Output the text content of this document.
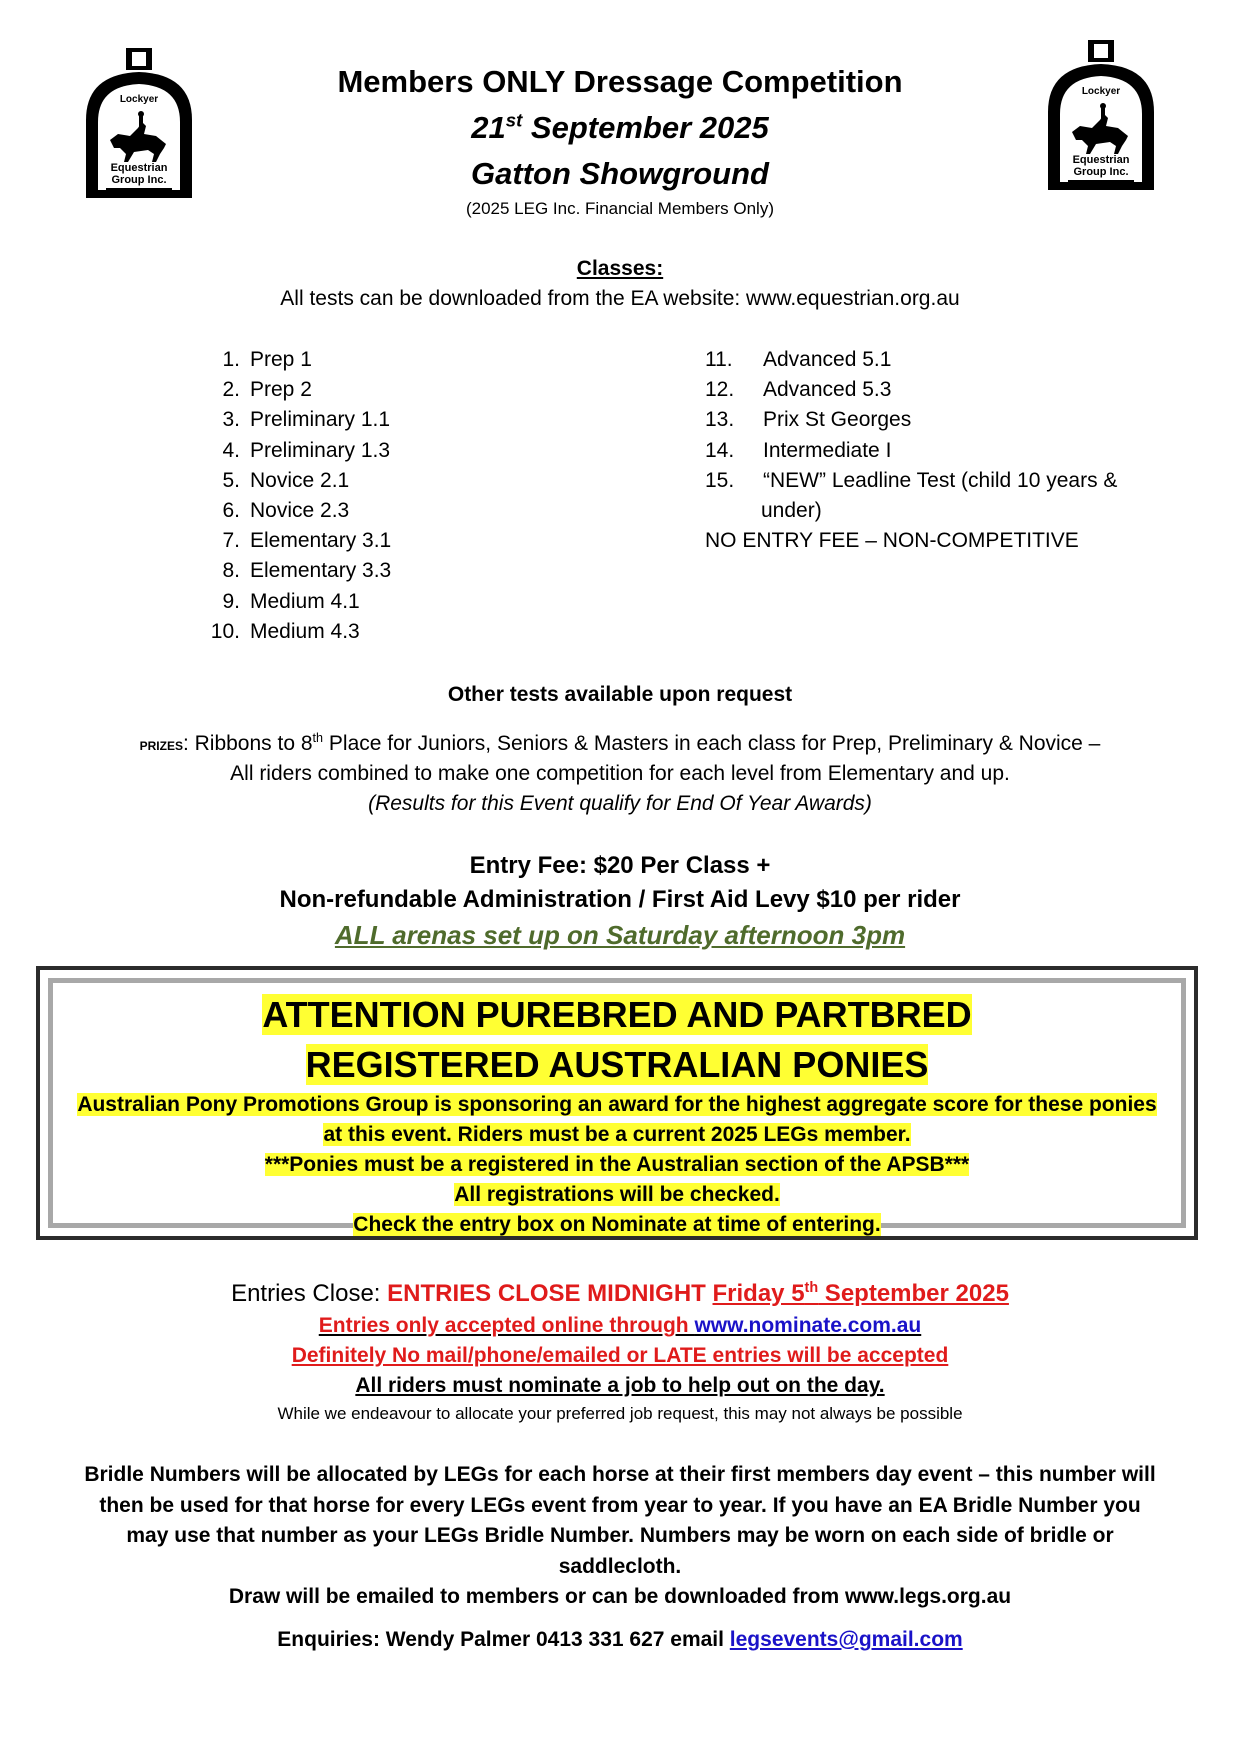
Lockyer
Equestrian
Group Inc.
Lockyer
Equestrian
Group Inc.
Members ONLY Dressage Competition
21st September 2025
Gatton Showground
(2025 LEG Inc. Financial Members Only)
Classes:
All tests can be downloaded from the EA website: www.equestrian.org.au
1. Prep 1
2. Prep 2
3. Preliminary 1.1
4. Preliminary 1.3
5. Novice 2.1
6. Novice 2.3
7. Elementary 3.1
8. Elementary 3.3
9. Medium 4.1
10. Medium 4.3
11.	Advanced 5.1
12.	Advanced 5.3
13.	Prix St Georges
14.	Intermediate I
15.	“NEW” Leadline Test (child 10 years &
under)
NO ENTRY FEE – NON-COMPETITIVE
Other tests available upon request
PRIZES: Ribbons to 8th Place for Juniors, Seniors & Masters in each class for Prep, Preliminary & Novice –
All riders combined to make one competition for each level from Elementary and up.
(Results for this Event qualify for End Of Year Awards)
Entry Fee: $20 Per Class +
Non-refundable Administration / First Aid Levy $10 per rider
ALL arenas set up on Saturday afternoon 3pm
ATTENTION PUREBRED AND PARTBRED
REGISTERED AUSTRALIAN PONIES
Australian Pony Promotions Group is sponsoring an award for the highest aggregate score for these ponies
at this event. Riders must be a current 2025 LEGs member.
***Ponies must be a registered in the Australian section of the APSB***
All registrations will be checked.
Check the entry box on Nominate at time of entering.
Entries Close: ENTRIES CLOSE MIDNIGHT Friday 5th September 2025
Entries only accepted online through www.nominate.com.au
Definitely No mail/phone/emailed or LATE entries will be accepted
All riders must nominate a job to help out on the day.
While we endeavour to allocate your preferred job request, this may not always be possible
Bridle Numbers will be allocated by LEGs for each horse at their first members day event – this number will
then be used for that horse for every LEGs event from year to year. If you have an EA Bridle Number you
may use that number as your LEGs Bridle Number. Numbers may be worn on each side of bridle or
saddlecloth.
Draw will be emailed to members or can be downloaded from www.legs.org.au
Enquiries: Wendy Palmer 0413 331 627 email legsevents@gmail.com
